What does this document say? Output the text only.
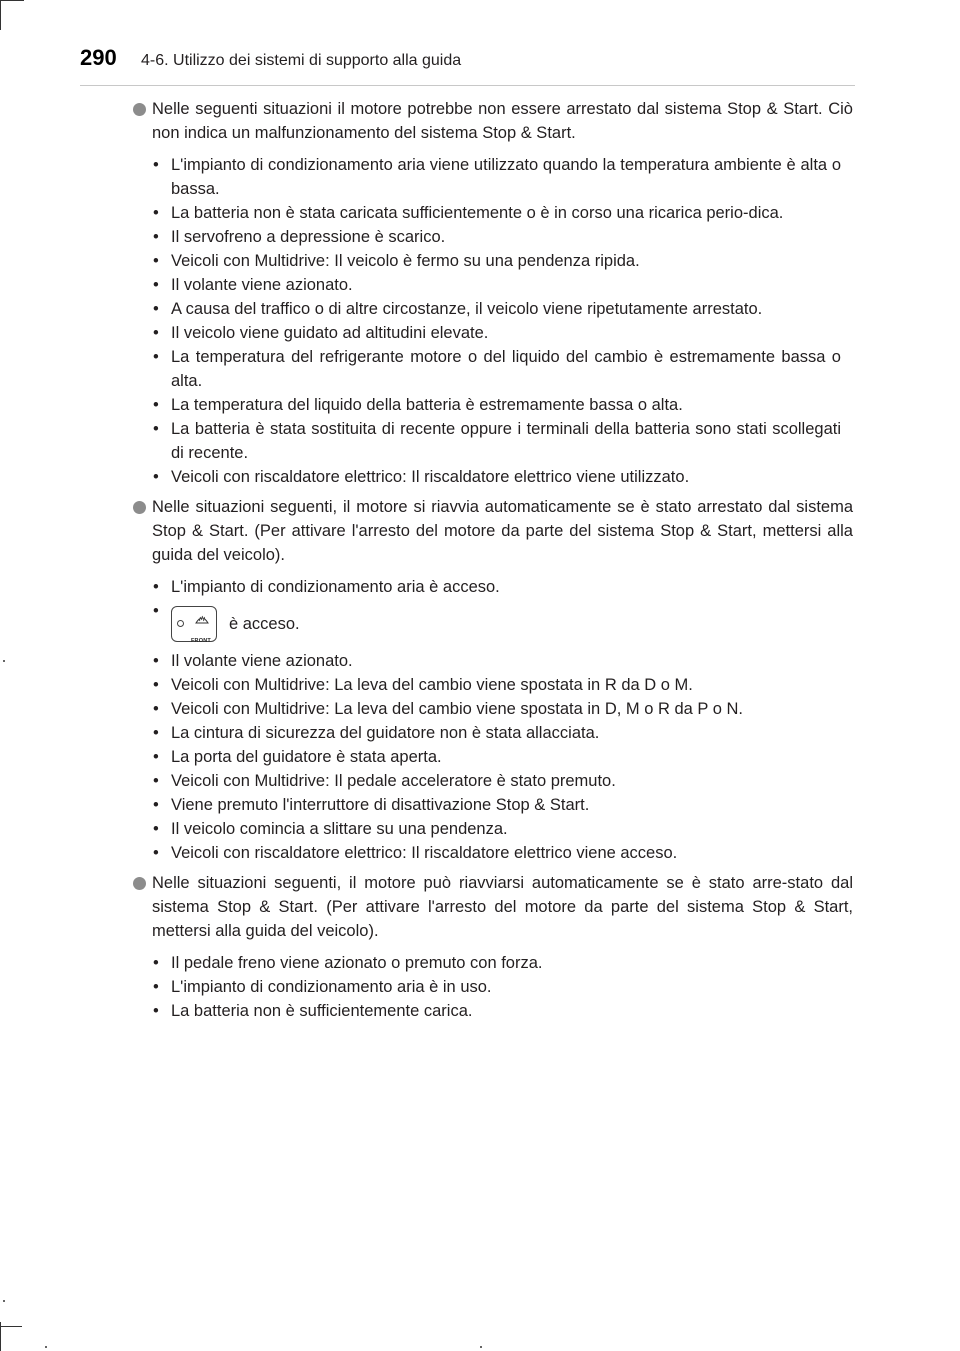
290 4-6. Utilizzo dei sistemi di supporto alla guida
Nelle seguenti situazioni il motore potrebbe non essere arrestato dal sistema Stop & Start. Ciò non indica un malfunzionamento del sistema Stop & Start.
• L'impianto di condizionamento aria viene utilizzato quando la temperatura ambiente è alta o bassa.
• La batteria non è stata caricata sufficientemente o è in corso una ricarica perio-dica.
• Il servofreno a depressione è scarico.
• Veicoli con Multidrive: Il veicolo è fermo su una pendenza ripida.
• Il volante viene azionato.
• A causa del traffico o di altre circostanze, il veicolo viene ripetutamente arrestato.
• Il veicolo viene guidato ad altitudini elevate.
• La temperatura del refrigerante motore o del liquido del cambio è estremamente bassa o alta.
• La temperatura del liquido della batteria è estremamente bassa o alta.
• La batteria è stata sostituita di recente oppure i terminali della batteria sono stati scollegati di recente.
• Veicoli con riscaldatore elettrico: Il riscaldatore elettrico viene utilizzato.
Nelle situazioni seguenti, il motore si riavvia automaticamente se è stato arrestato dal sistema Stop & Start. (Per attivare l'arresto del motore da parte del sistema Stop & Start, mettersi alla guida del veicolo).
• L'impianto di condizionamento aria è acceso.
•
FRONT
è acceso.
• Il volante viene azionato.
• Veicoli con Multidrive: La leva del cambio viene spostata in R da D o M.
• Veicoli con Multidrive: La leva del cambio viene spostata in D, M o R da P o N.
• La cintura di sicurezza del guidatore non è stata allacciata.
• La porta del guidatore è stata aperta.
• Veicoli con Multidrive: Il pedale acceleratore è stato premuto.
• Viene premuto l'interruttore di disattivazione Stop & Start.
• Il veicolo comincia a slittare su una pendenza.
• Veicoli con riscaldatore elettrico: Il riscaldatore elettrico viene acceso.
Nelle situazioni seguenti, il motore può riavviarsi automaticamente se è stato arre-stato dal sistema Stop & Start. (Per attivare l'arresto del motore da parte del sistema Stop & Start, mettersi alla guida del veicolo).
• Il pedale freno viene azionato o premuto con forza.
• L'impianto di condizionamento aria è in uso.
• La batteria non è sufficientemente carica.
